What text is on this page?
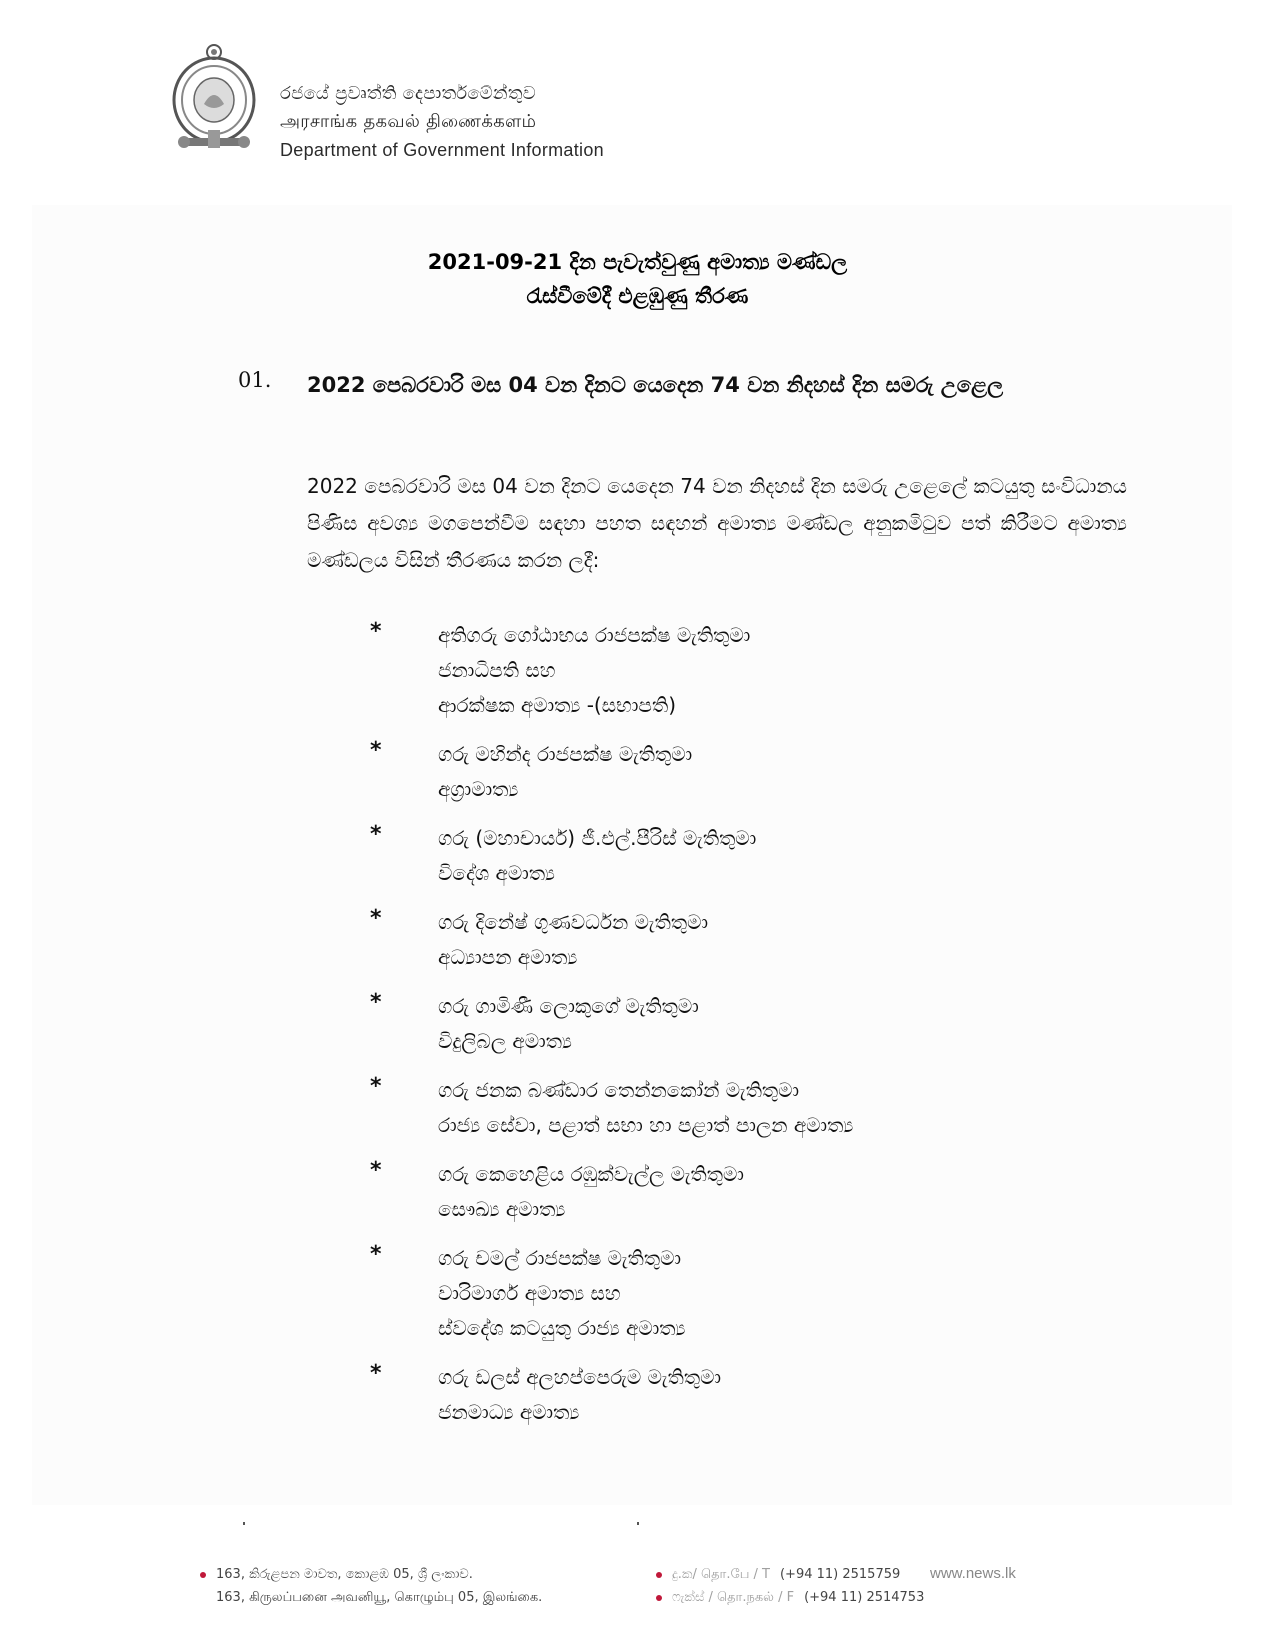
රජයේ ප්‍රවෘත්ති දෙපාර්තමේන්තුව
அரசாங்க தகவல் திணைக்களம்
Department of Government Information
2021-09-21 දින පැවැත්වුණු අමාත්‍ය මණ්ඩල
රැස්වීමේදී එළඹුණු තීරණ
01. 2022 පෙබරවාරි මස 04 වන දිනට යෙදෙන 74 වන නිදහස් දින සමරු උළෙල
2022 පෙබරවාරි මස 04 වන දිනට යෙදෙන 74 වන නිදහස් දින සමරු උළෙලේ කටයුතු සංවිධානය පිණිස අවශ්‍ය මගපෙන්වීම සඳහා පහත සඳහන් අමාත්‍ය මණ්ඩල අනුකමිටුව පත් කිරීමට අමාත්‍ය මණ්ඩලය විසින් තීරණය කරන ලදී:
*	අතිගරු ගෝඨාභය රාජපක්ෂ මැතිතුමා
ජනාධිපති සහ
ආරක්ෂක අමාත්‍ය -(සභාපති)
*	ගරු මහින්ද රාජපක්ෂ මැතිතුමා
අග්‍රාමාත්‍ය
*	ගරු (මහාචාර්ය) ජී.එල්.පීරිස් මැතිතුමා
විදේශ අමාත්‍ය
*	ගරු දිනේෂ් ගුණවර්ධන මැතිතුමා
අධ්‍යාපන අමාත්‍ය
*	ගරු ගාමිණී ලොකුගේ මැතිතුමා
විදුලිබල අමාත්‍ය
*	ගරු ජනක බණ්ඩාර තෙන්නකෝන් මැතිතුමා
රාජ්‍ය සේවා, පළාත් සභා හා පළාත් පාලන අමාත්‍ය
*	ගරු කෙහෙළිය රඹුක්වැල්ල මැතිතුමා
සෞඛ්‍ය අමාත්‍ය
*	ගරු චමල් රාජපක්ෂ මැතිතුමා
වාරිමාර්ග අමාත්‍ය සහ
ස්වදේශ කටයුතු රාජ්‍ය අමාත්‍ය
*	ගරු ඩලස් අලහප්පෙරුම මැතිතුමා
ජනමාධ්‍ය අමාත්‍ය
163, කිරුළපන මාවත, කොළඹ 05, ශ්‍රී ලංකාව.
163, கிருலப்பனை அவனியூ, கொழும்பு 05, இலங்கை.
දු.ක/ தொ.பே / T (+94 11) 2515759
ෆැක්ස් / தொ.நகல் / F (+94 11) 2514753
www.news.lk
